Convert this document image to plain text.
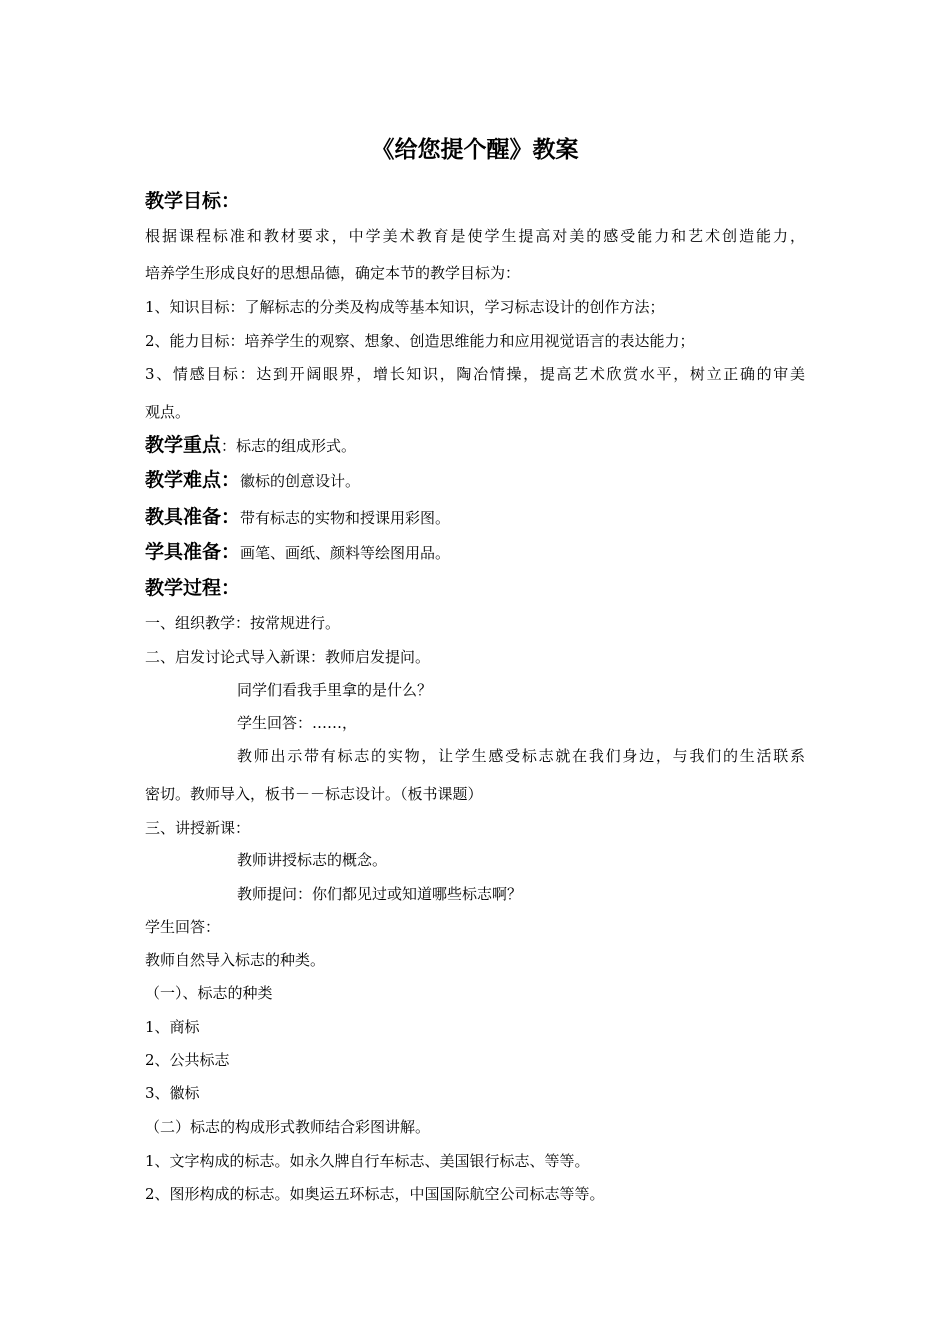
《给您提个醒》教案
教学目标：
根据课程标准和教材要求，中学美术教育是使学生提高对美的感受能力和艺术创造能力，
培养学生形成良好的思想品德，确定本节的教学目标为：
1、知识目标：了解标志的分类及构成等基本知识，学习标志设计的创作方法；
2、能力目标：培养学生的观察、想象、创造思维能力和应用视觉语言的表达能力；
3、情感目标：达到开阔眼界，增长知识，陶冶情操，提高艺术欣赏水平，树立正确的审美
观点。
教学重点：标志的组成形式。
教学难点：徽标的创意设计。
教具准备：带有标志的实物和授课用彩图。
学具准备：画笔、画纸、颜料等绘图用品。
教学过程：
一、组织教学：按常规进行。
二、启发讨论式导入新课：教师启发提问。
同学们看我手里拿的是什么？
学生回答：……，
教师出示带有标志的实物，让学生感受标志就在我们身边，与我们的生活联系
密切。教师导入，板书－－标志设计。（板书课题）
三、讲授新课：
教师讲授标志的概念。
教师提问：你们都见过或知道哪些标志啊？
学生回答：
教师自然导入标志的种类。
（一）、标志的种类
1、商标
2、公共标志
3、徽标
（二）标志的构成形式教师结合彩图讲解。
1、文字构成的标志。如永久牌自行车标志、美国银行标志、等等。
2、图形构成的标志。如奥运五环标志，中国国际航空公司标志等等。
